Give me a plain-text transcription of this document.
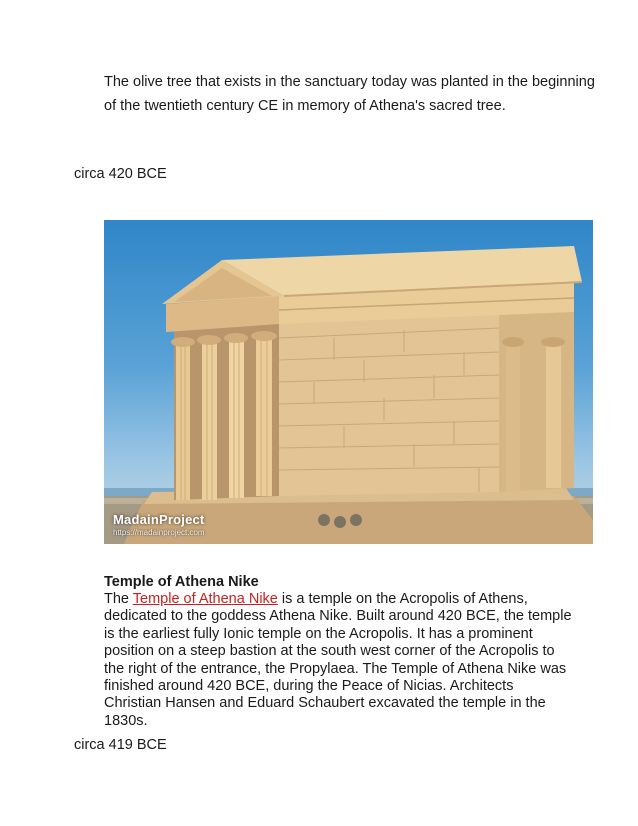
The olive tree that exists in the sanctuary today was planted in the beginning of the twentieth century CE in memory of Athena's sacred tree.

circa 420 BCE

MadainProject
https://madainproject.com

Temple of Athena Nike

The Temple of Athena Nike is a temple on the Acropolis of Athens, dedicated to the goddess Athena Nike. Built around 420 BCE, the temple is the earliest fully Ionic temple on the Acropolis. It has a prominent position on a steep bastion at the south west corner of the Acropolis to the right of the entrance, the Propylaea. The Temple of Athena Nike was finished around 420 BCE, during the Peace of Nicias. Architects Christian Hansen and Eduard Schaubert excavated the temple in the 1830s.

circa 419 BCE
